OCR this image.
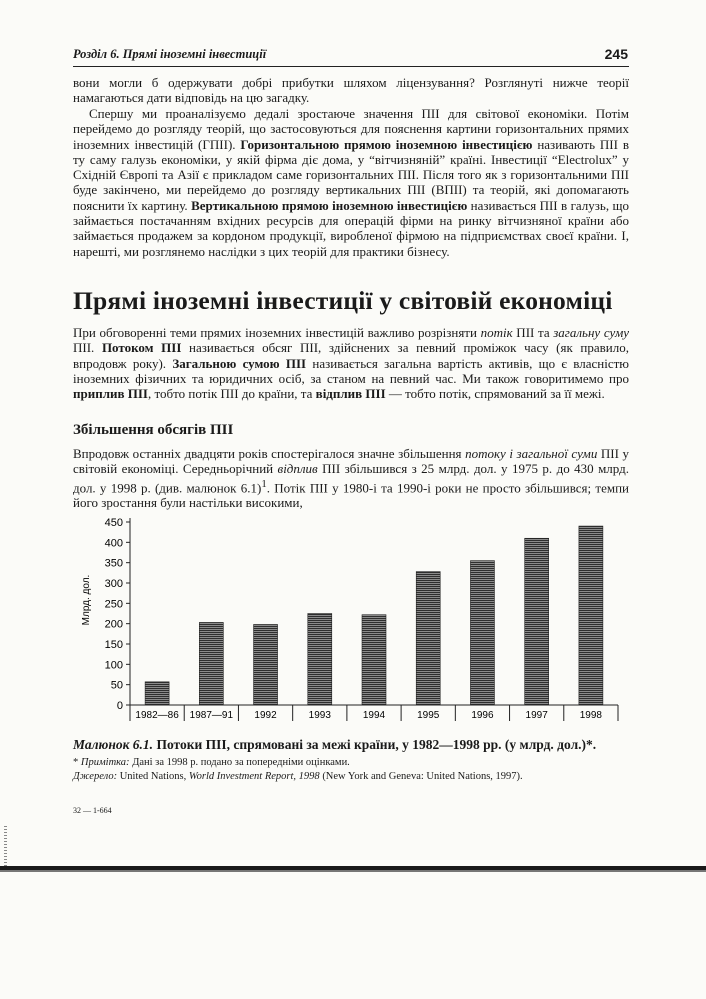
Розділ 6. Прямі іноземні інвестиції	245

вони могли б одержувати добрі прибутки шляхом ліцензування? Розглянуті нижче теорії намагаються дати відповідь на цю загадку.

Спершу ми проаналізуємо дедалі зростаюче значення ПІІ для світової економіки. Потім перейдемо до розгляду теорій, що застосовуються для пояснення картини горизонтальних прямих іноземних інвестицій (ГПІІ). Горизонтальною прямою іноземною інвестицією називають ПІІ в ту саму галузь економіки, у якій фірма діє дома, у “вітчизняній” країні. Інвестиції “Electrolux” у Східній Європі та Азії є прикладом саме горизонтальних ПІІ. Після того як з горизонтальними ПІІ буде закінчено, ми перейдемо до розгляду вертикальних ПІІ (ВПІІ) та теорій, які допомагають пояснити їх картину. Вертикальною прямою іноземною інвестицією називається ПІІ в галузь, що займається постачанням вхідних ресурсів для операцій фірми на ринку вітчизняної країни або займається продажем за кордоном продукції, виробленої фірмою на підприємствах своєї країни. І, нарешті, ми розглянемо наслідки з цих теорій для практики бізнесу.

Прямі іноземні інвестиції у світовій економіці

При обговоренні теми прямих іноземних інвестицій важливо розрізняти потік ПІІ та загальну суму ПІІ. Потоком ПІІ називається обсяг ПІІ, здійснених за певний проміжок часу (як правило, впродовж року). Загальною сумою ПІІ називається загальна вартість активів, що є власністю іноземних фізичних та юридичних осіб, за станом на певний час. Ми також говоритимемо про приплив ПІІ, тобто потік ПІІ до країни, та відплив ПІІ — тобто потік, спрямований за її межі.

Збільшення обсягів ПІІ

Впродовж останніх двадцяти років спостерігалося значне збільшення потоку і загальної суми ПІІ у світовій економіці. Середньорічний відплив ПІІ збільшився з 25 млрд. дол. у 1975 р. до 430 млрд. дол. у 1998 р. (див. малюнок 6.1)$^1$. Потік ПІІ у 1980-і та 1990-і роки не просто збільшився; темпи його зростання були настільки високими,

Млрд. дол.
0
50
100
150
200
250
300
350
400
450
1982—86 1987—91 1992	1993	1994	1995	1996	1997	1998

Малюнок 6.1. Потоки ПІІ, спрямовані за межі країни, у 1982—1998 рр. (у млрд. дол.)*.

* Примітка: Дані за 1998 р. подано за попередніми оцінками.

Джерело: United Nations, World Investment Report, 1998 (New York and Geneva: United Nations, 1997).

32 — 1-664
